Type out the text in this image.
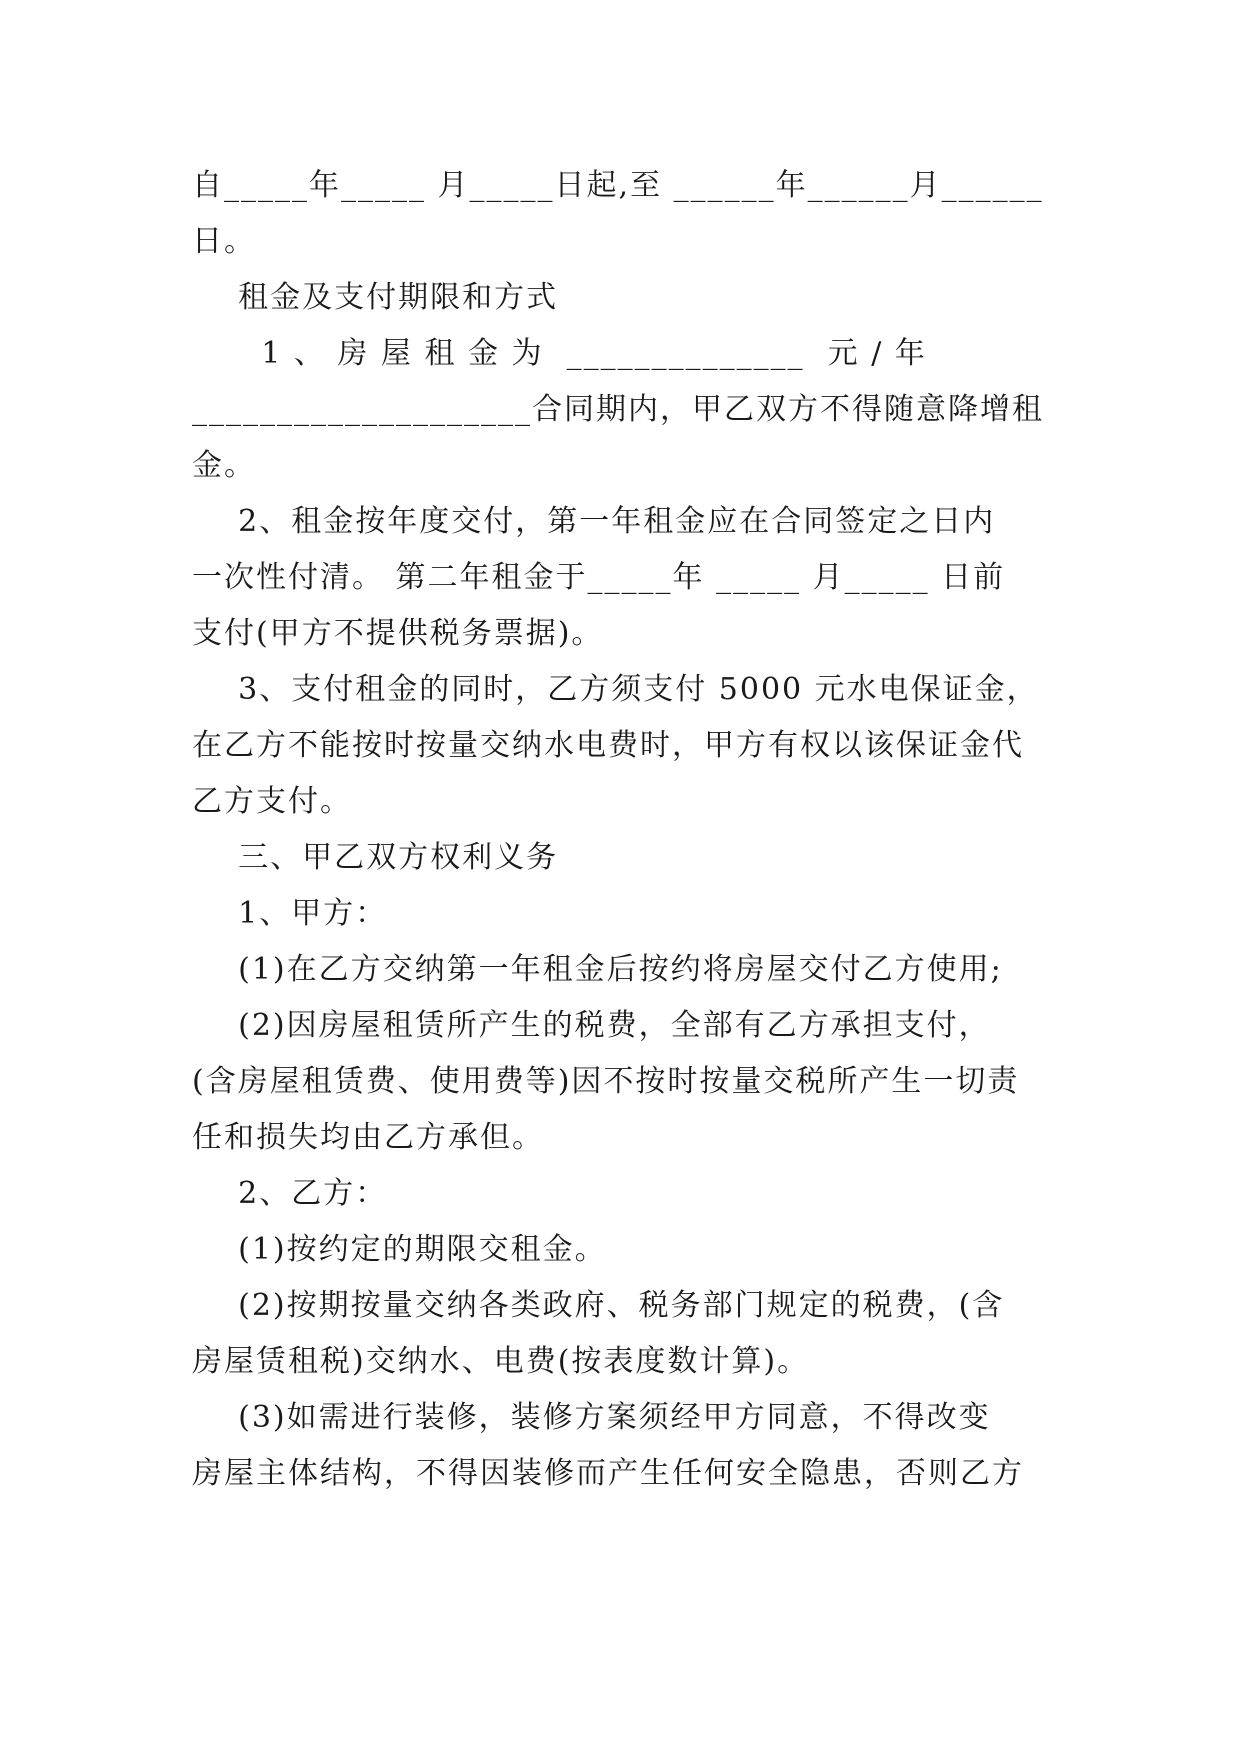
自_____年_____ 月_____日起,至 ______年______月______
日。
租金及支付期限和方式
1 、 房 屋 租 金 为  ______________  元 / 年
____________________合同期内，甲乙双方不得随意降增租
金。
2、租金按年度交付，第一年租金应在合同签定之日内
一次性付清。 第二年租金于_____年 _____ 月_____ 日前
支付(甲方不提供税务票据)。
3、支付租金的同时，乙方须支付 5000 元水电保证金，
在乙方不能按时按量交纳水电费时，甲方有权以该保证金代
乙方支付。
三、甲乙双方权利义务
1、甲方：
(1)在乙方交纳第一年租金后按约将房屋交付乙方使用;
(2)因房屋租赁所产生的税费，全部有乙方承担支付，
(含房屋租赁费、使用费等)因不按时按量交税所产生一切责
任和损失均由乙方承但。
2、乙方：
(1)按约定的期限交租金。
(2)按期按量交纳各类政府、税务部门规定的税费，(含
房屋赁租税)交纳水、电费(按表度数计算)。
(3)如需进行装修，装修方案须经甲方同意，不得改变
房屋主体结构，不得因装修而产生任何安全隐患，否则乙方
